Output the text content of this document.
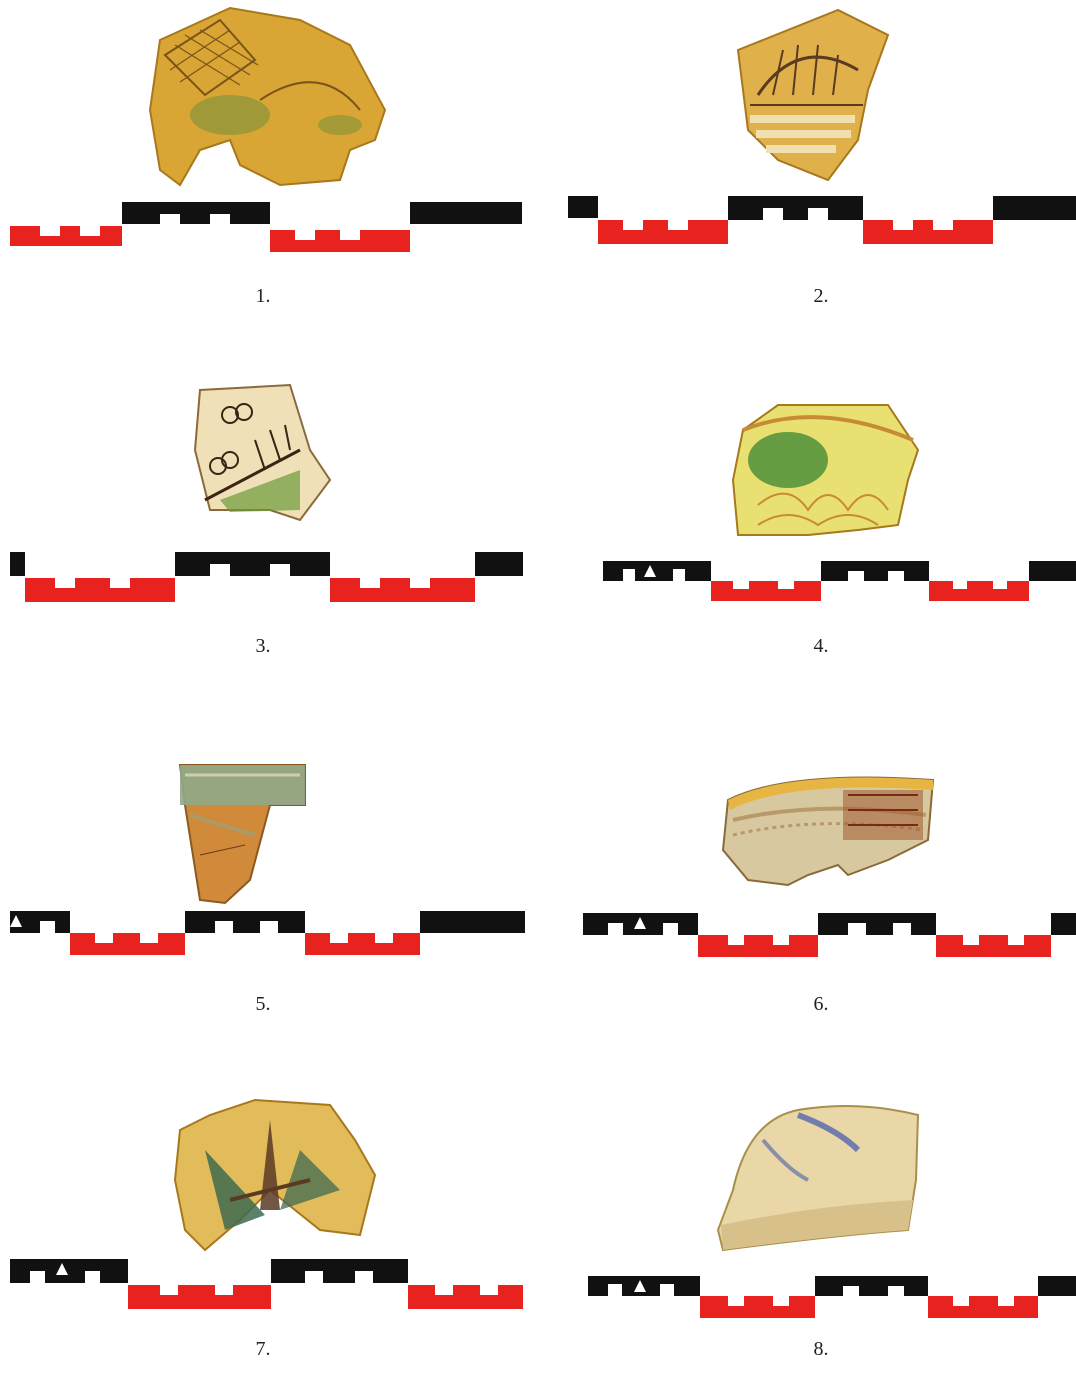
1.	2.
3.	4.
5.	6.
7.	8.
